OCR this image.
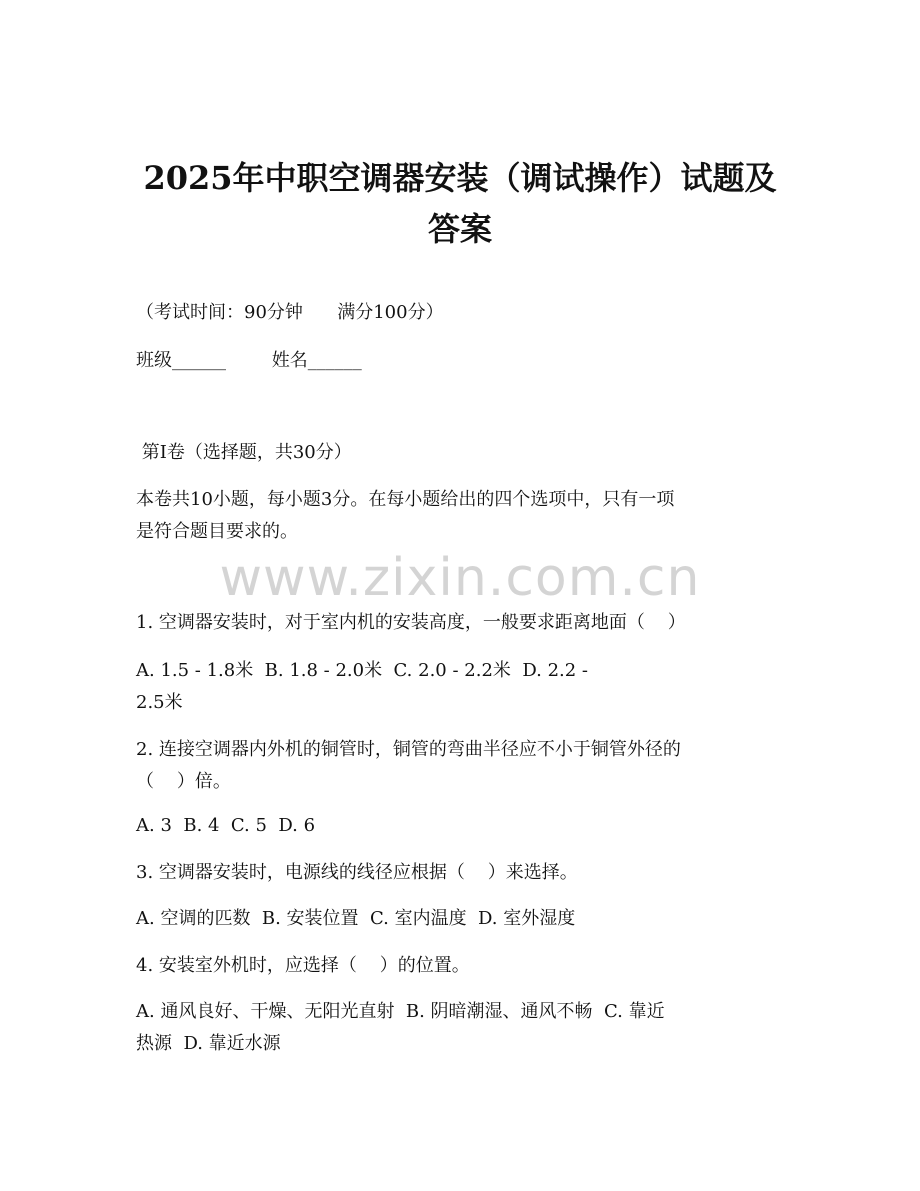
2025年中职空调器安装（调试操作）试题及
答案

（考试时间：90分钟      满分100分）

班级______        姓名______

第I卷（选择题，共30分）

本卷共10小题，每小题3分。在每小题给出的四个选项中，只有一项

是符合题目要求的。

www.zixin.com.cn

1. 空调器安装时，对于室内机的安装高度，一般要求距离地面（    ）

A. 1.5 - 1.8米  B. 1.8 - 2.0米  C. 2.0 - 2.2米  D. 2.2 -

2.5米

2. 连接空调器内外机的铜管时，铜管的弯曲半径应不小于铜管外径的

（    ）倍。

A. 3  B. 4  C. 5  D. 6

3. 空调器安装时，电源线的线径应根据（    ）来选择。

A. 空调的匹数  B. 安装位置  C. 室内温度  D. 室外湿度

4. 安装室外机时，应选择（    ）的位置。

A. 通风良好、干燥、无阳光直射  B. 阴暗潮湿、通风不畅  C. 靠近

热源  D. 靠近水源
